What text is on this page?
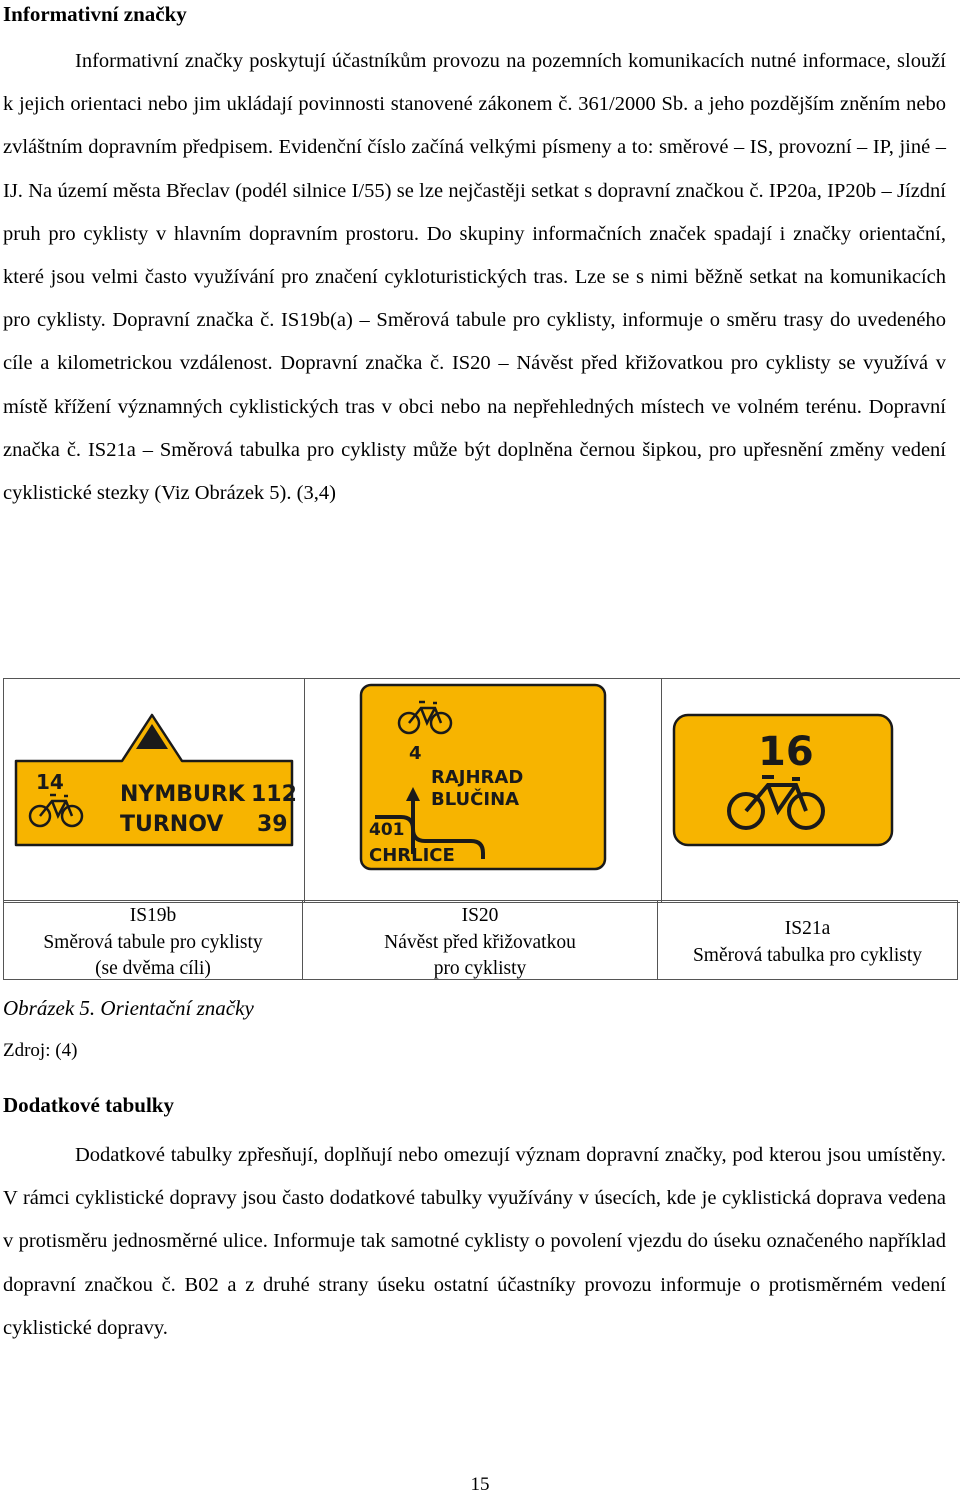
Informativní značky

Informativní značky poskytují účastníkům provozu na pozemních komunikacích nutné informace, slouží k jejich orientaci nebo jim ukládají povinnosti stanovené zákonem č. 361/2000 Sb. a jeho pozdějším zněním nebo zvláštním dopravním předpisem. Evidenční číslo začíná velkými písmeny a to: směrové – IS, provozní – IP, jiné – IJ. Na území města Břeclav (podél silnice I/55) se lze nejčastěji setkat s dopravní značkou č. IP20a, IP20b – Jízdní pruh pro cyklisty v hlavním dopravním prostoru. Do skupiny informačních značek spadají i značky orientační, které jsou velmi často využívání pro značení cykloturistických tras. Lze se s nimi běžně setkat na komunikacích pro cyklisty. Dopravní značka č. IS19b(a) – Směrová tabule pro cyklisty, informuje o směru trasy do uvedeného cíle a kilometrickou vzdálenost. Dopravní značka č. IS20 – Návěst před křižovatkou pro cyklisty se využívá v místě křížení významných cyklistických tras v obci nebo na nepřehledných místech ve volném terénu. Dopravní značka č. IS21a – Směrová tabulka pro cyklisty může být doplněna černou šipkou, pro upřesnění změny vedení cyklistické stezky (Viz Obrázek 5). (3,4)

14 NYMBURK 112
TURNOV 39	4
RAJHRAD
BLUČINA
401
CHRLICE	16

IS19b
Směrová tabule pro cyklisty
(se dvěma cíli)
IS20
Návěst před křižovatkou
pro cyklisty
IS21a
Směrová tabulka pro cyklisty
Obrázek 5. Orientační značky
Zdroj: (4)
Dodatkové tabulky

Dodatkové tabulky zpřesňují, doplňují nebo omezují význam dopravní značky, pod kterou jsou umístěny. V rámci cyklistické dopravy jsou často dodatkové tabulky využívány v úsecích, kde je cyklistická doprava vedena v protisměru jednosměrné ulice. Informuje tak samotné cyklisty o povolení vjezdu do úseku označeného například dopravní značkou č. B02 a z druhé strany úseku ostatní účastníky provozu informuje o protisměrném vedení cyklistické dopravy.

15
